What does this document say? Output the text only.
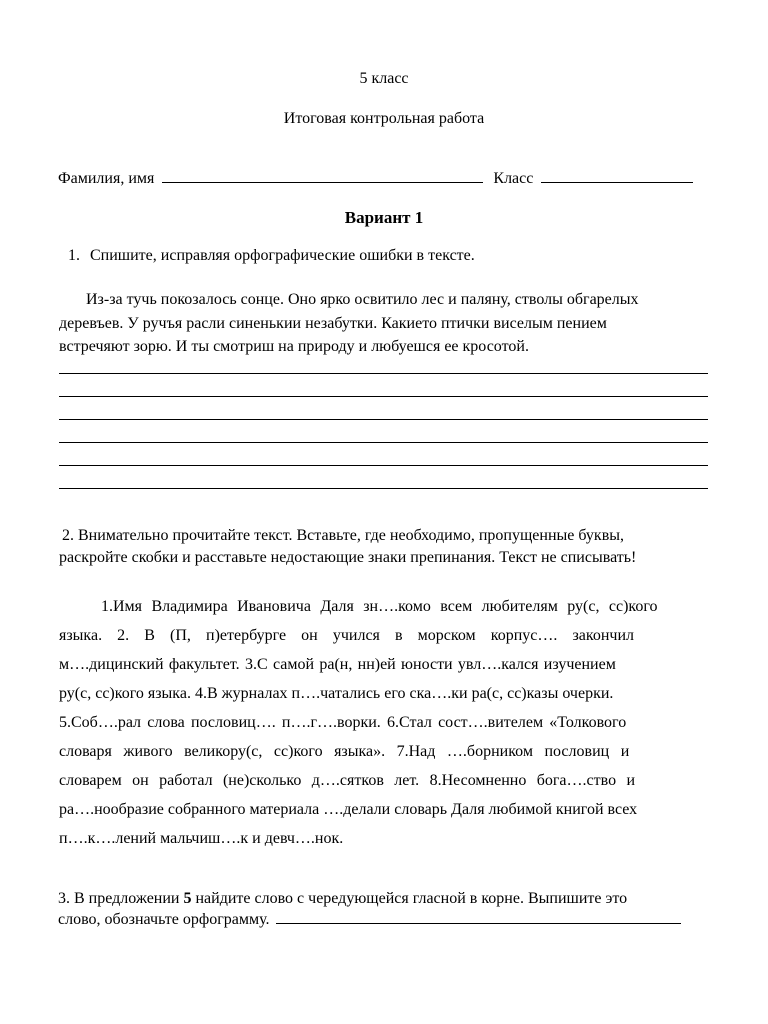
5 класс
Итоговая контрольная работа
Фамилия, имя	Класс
Вариант 1
1. Спишите, исправляя орфографические ошибки в тексте.
Из-за тучь покозалось сонце. Оно ярко освитило лес и паляну, стволы обгарелых
деревъев. У ручъя расли синенькии незабутки. Какието птички виселым пением
встречяют зорю. И ты смотриш на природу и любуешся ее кросотой.
2. Внимательно прочитайте текст. Вставьте, где необходимо, пропущенные буквы,
раскройте скобки и расставьте недостающие знаки препинания. Текст не списывать!
1.Имя Владимира Ивановича Даля зн….комо всем любителям ру(с, сс)кого
языка. 2. В (П, п)етербурге он учился в морском корпус…. закончил
м….дицинский факультет. 3.С самой ра(н, нн)ей юности увл….кался изучением
ру(с, сс)кого языка. 4.В журналах п….чатались его ска….ки ра(с, сс)казы очерки.
5.Соб….рал слова пословиц…. п….г….ворки. 6.Стал сост….вителем «Толкового
словаря живого великору(с, сс)кого языка». 7.Над ….борником пословиц и
словарем он работал (не)сколько д….сятков лет. 8.Несомненно бога….ство и
ра….нообразие собранного материала ….делали словарь Даля любимой книгой всех
п….к….лений мальчиш….к и девч….нок.
3. В предложении 5 найдите слово с чередующейся гласной в корне. Выпишите это
слово, обозначьте орфограмму.
